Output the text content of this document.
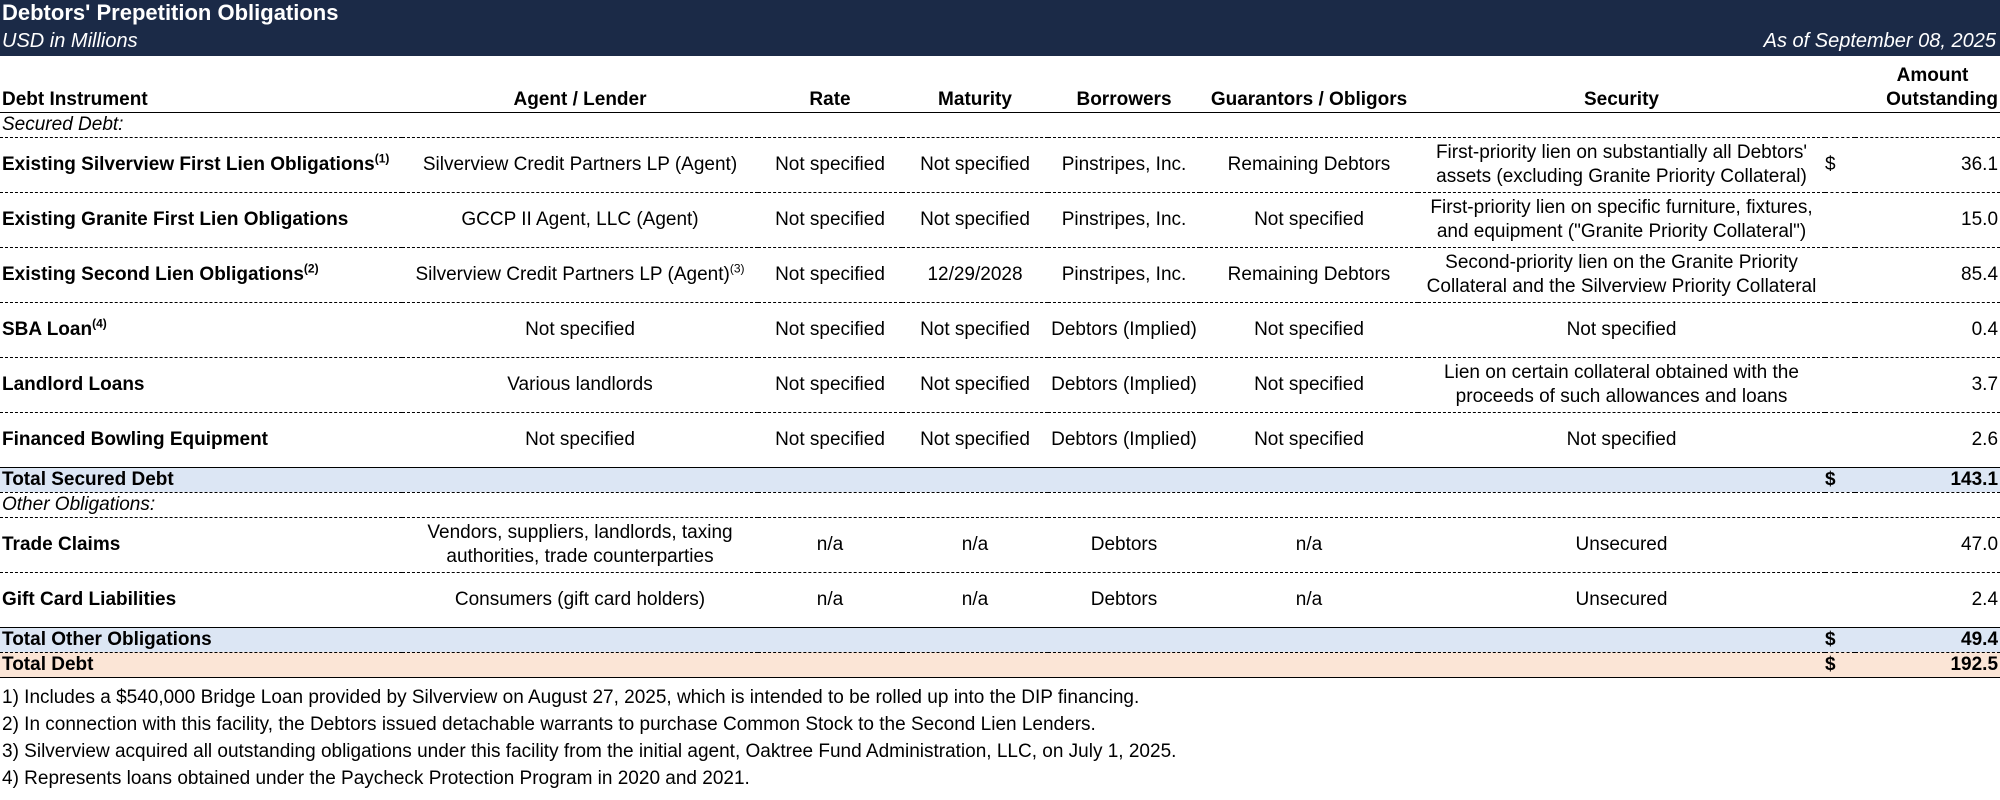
Debtors' Prepetition Obligations
USD in Millions	As of September 08, 2025
Debt Instrument	Agent / Lender	Rate	Maturity	Borrowers	Guarantors / Obligors	Security	Amount
Outstanding	

Secured Debt:								
Existing Silverview First Lien Obligations$^{(1)}$	Silverview Credit Partners LP (Agent)	Not specified	Not specified	Pinstripes, Inc.	Remaining Debtors	First-priority lien on substantially all Debtors' assets (excluding Granite Priority Collateral)	$	36.1
Existing Granite First Lien Obligations	GCCP II Agent, LLC (Agent)	Not specified	Not specified	Pinstripes, Inc.	Not specified	First-priority lien on specific furniture, fixtures, and equipment ("Granite Priority Collateral")		15.0
Existing Second Lien Obligations$^{(2)}$	Silverview Credit Partners LP (Agent)$^{(3)}$	Not specified	12/29/2028	Pinstripes, Inc.	Remaining Debtors	Second-priority lien on the Granite Priority Collateral and the Silverview Priority Collateral		85.4
SBA Loan$^{(4)}$	Not specified	Not specified	Not specified	Debtors (Implied)	Not specified	Not specified		0.4
Landlord Loans	Various landlords	Not specified	Not specified	Debtors (Implied)	Not specified	Lien on certain collateral obtained with the proceeds of such allowances and loans		3.7
Financed Bowling Equipment	Not specified	Not specified	Not specified	Debtors (Implied)	Not specified	Not specified		2.6
Total Secured Debt							$	143.1
Other Obligations:								
Trade Claims	Vendors, suppliers, landlords, taxing authorities, trade counterparties	n/a	n/a	Debtors	n/a	Unsecured		47.0
Gift Card Liabilities	Consumers (gift card holders)	n/a	n/a	Debtors	n/a	Unsecured		2.4
Total Other Obligations							$	49.4
Total Debt							$	192.5
1) Includes a $540,000 Bridge Loan provided by Silverview on August 27, 2025, which is intended to be rolled up into the DIP financing.
2) In connection with this facility, the Debtors issued detachable warrants to purchase Common Stock to the Second Lien Lenders.
3) Silverview acquired all outstanding obligations under this facility from the initial agent, Oaktree Fund Administration, LLC, on July 1, 2025.
4) Represents loans obtained under the Paycheck Protection Program in 2020 and 2021.
